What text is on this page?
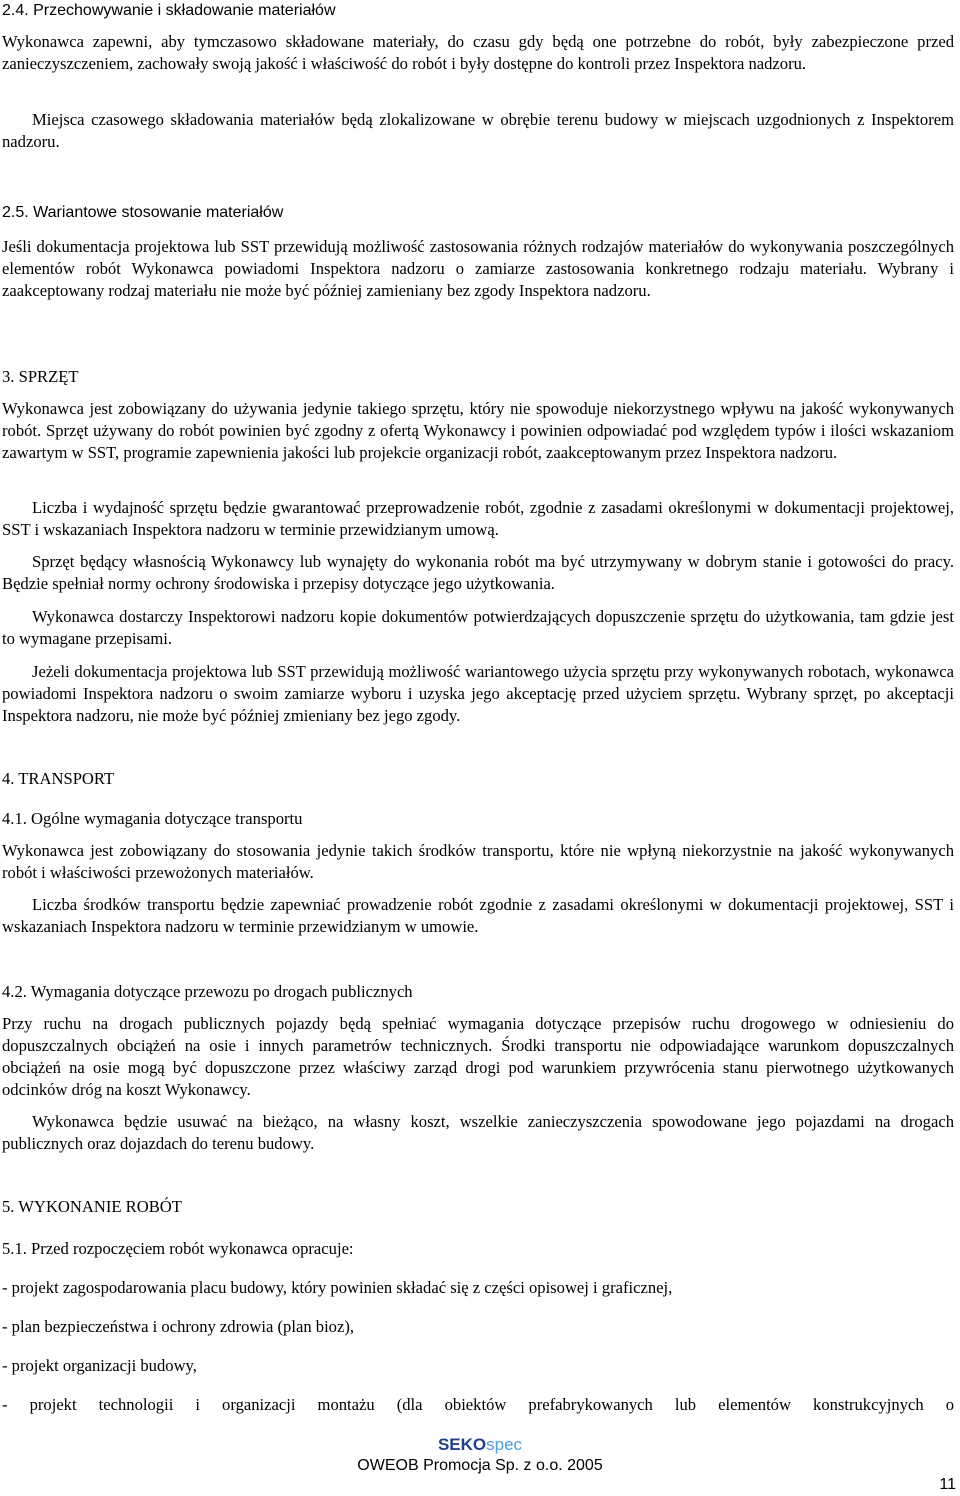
2.4. Przechowywanie i składowanie materiałów

Wykonawca zapewni, aby tymczasowo składowane materiały, do czasu gdy będą one potrzebne do robót, były zabezpieczone przed zanieczyszczeniem, zachowały swoją jakość i właściwość do robót i były dostępne do kontroli przez Inspektora nadzoru.

Miejsca czasowego składowania materiałów będą zlokalizowane w obrębie terenu budowy w miejscach uzgodnionych z Inspektorem nadzoru.

2.5. Wariantowe stosowanie materiałów

Jeśli dokumentacja projektowa lub SST przewidują możliwość zastosowania różnych rodzajów materiałów do wykonywania poszczególnych elementów robót Wykonawca powiadomi Inspektora nadzoru o zamiarze zastosowania konkretnego rodzaju materiału. Wybrany i zaakceptowany rodzaj materiału nie może być później zamieniany bez zgody Inspektora nadzoru.

3. SPRZĘT

Wykonawca jest zobowiązany do używania jedynie takiego sprzętu, który nie spowoduje niekorzystnego wpływu na jakość wykonywanych robót. Sprzęt używany do robót powinien być zgodny z ofertą Wykonawcy i powinien odpowiadać pod względem typów i ilości wskazaniom zawartym w SST, programie zapewnienia jakości lub projekcie organizacji robót, zaakceptowanym przez Inspektora nadzoru.

Liczba i wydajność sprzętu będzie gwarantować przeprowadzenie robót, zgodnie z zasadami określonymi w dokumentacji projektowej, SST i wskazaniach Inspektora nadzoru w terminie przewidzianym umową.

Sprzęt będący własnością Wykonawcy lub wynajęty do wykonania robót ma być utrzymywany w dobrym stanie i gotowości do pracy. Będzie spełniał normy ochrony środowiska i przepisy dotyczące jego użytkowania.

Wykonawca dostarczy Inspektorowi nadzoru kopie dokumentów potwierdzających dopuszczenie sprzętu do użytkowania, tam gdzie jest to wymagane przepisami.

Jeżeli dokumentacja projektowa lub SST przewidują możliwość wariantowego użycia sprzętu przy wykonywanych robotach, wykonawca powiadomi Inspektora nadzoru o swoim zamiarze wyboru i uzyska jego akceptację przed użyciem sprzętu. Wybrany sprzęt, po akceptacji Inspektora nadzoru, nie może być później zmieniany bez jego zgody.

4. TRANSPORT

4.1. Ogólne wymagania dotyczące transportu

Wykonawca jest zobowiązany do stosowania jedynie takich środków transportu, które nie wpłyną niekorzystnie na jakość wykonywanych robót i właściwości przewożonych materiałów.

Liczba środków transportu będzie zapewniać prowadzenie robót zgodnie z zasadami określonymi w dokumentacji projektowej, SST i wskazaniach Inspektora nadzoru w terminie przewidzianym w umowie.

4.2. Wymagania dotyczące przewozu po drogach publicznych

Przy ruchu na drogach publicznych pojazdy będą spełniać wymagania dotyczące przepisów ruchu drogowego w odniesieniu do dopuszczalnych obciążeń na osie i innych parametrów technicznych. Środki transportu nie odpowiadające warunkom dopuszczalnych obciążeń na osie mogą być dopuszczone przez właściwy zarząd drogi pod warunkiem przywrócenia stanu pierwotnego użytkowanych odcinków dróg na koszt Wykonawcy.

Wykonawca będzie usuwać na bieżąco, na własny koszt, wszelkie zanieczyszczenia spowodowane jego pojazdami na drogach publicznych oraz dojazdach do terenu budowy.

5. WYKONANIE ROBÓT

5.1. Przed rozpoczęciem robót wykonawca opracuje:

- projekt zagospodarowania placu budowy, który powinien składać się z części opisowej i graficznej,

- plan bezpieczeństwa i ochrony zdrowia (plan bioz),

- projekt organizacji budowy,

- projekt technologii i organizacji montażu (dla obiektów prefabrykowanych lub elementów konstrukcyjnych o

SEKOspec
OWEOB Promocja Sp. z o.o. 2005
11
